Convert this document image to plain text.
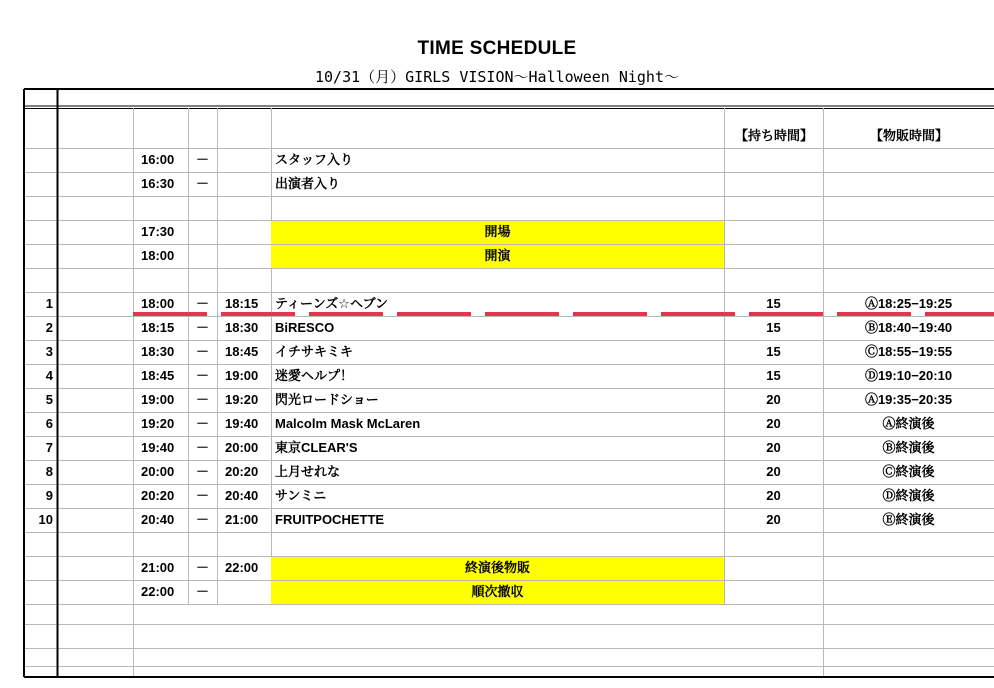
TIME SCHEDULE
10/31（月）GIRLS VISION～Halloween Night～
【持ち時間】	【物販時間】
16:00	－	スタッフ入り
16:30	－	出演者入り
17:30	開場
18:00	開演
1	18:00	－	18:15	ティーンズ☆ヘブン	15	Ⓐ18:25−19:25
2	18:15	－	18:30	BiRESCO	15	Ⓑ18:40−19:40
3	18:30	－	18:45	イチサキミキ	15	Ⓒ18:55−19:55
4	18:45	－	19:00	迷愛ヘルプ！	15	Ⓓ19:10−20:10
5	19:00	－	19:20	閃光ロードショー	20	Ⓐ19:35−20:35
6	19:20	－	19:40	Malcolm Mask McLaren	20	Ⓐ終演後
7	19:40	－	20:00	東京CLEAR'S	20	Ⓑ終演後
8	20:00	－	20:20	上月せれな	20	Ⓒ終演後
9	20:20	－	20:40	サンミニ	20	Ⓓ終演後
10	20:40	－	21:00	FRUITPOCHETTE	20	Ⓔ終演後
21:00	－	22:00	終演後物販
22:00	－	順次撤収
